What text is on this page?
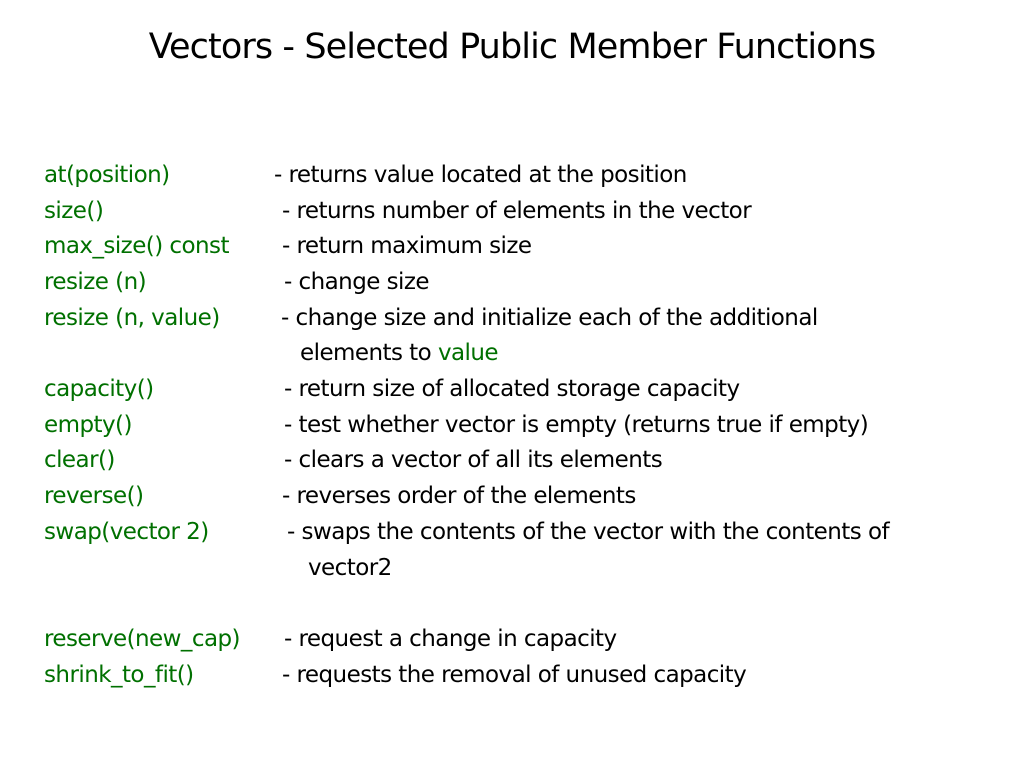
Vectors - Selected Public Member Functions
at(position)	- returns value located at the position
size()	- returns number of elements in the vector
max_size() const - return maximum size
resize (n)	- change size
resize (n, value)	- change size and initialize each of the additional
elements to value
capacity()	- return size of allocated storage capacity
empty()	- test whether vector is empty (returns true if empty)
clear()	- clears a vector of all its elements
reverse()	- reverses order of the elements
swap(vector 2)	- swaps the contents of the vector with the contents of
vector2
reserve(new_cap) - request a change in capacity
shrink_to_fit()	- requests the removal of unused capacity
